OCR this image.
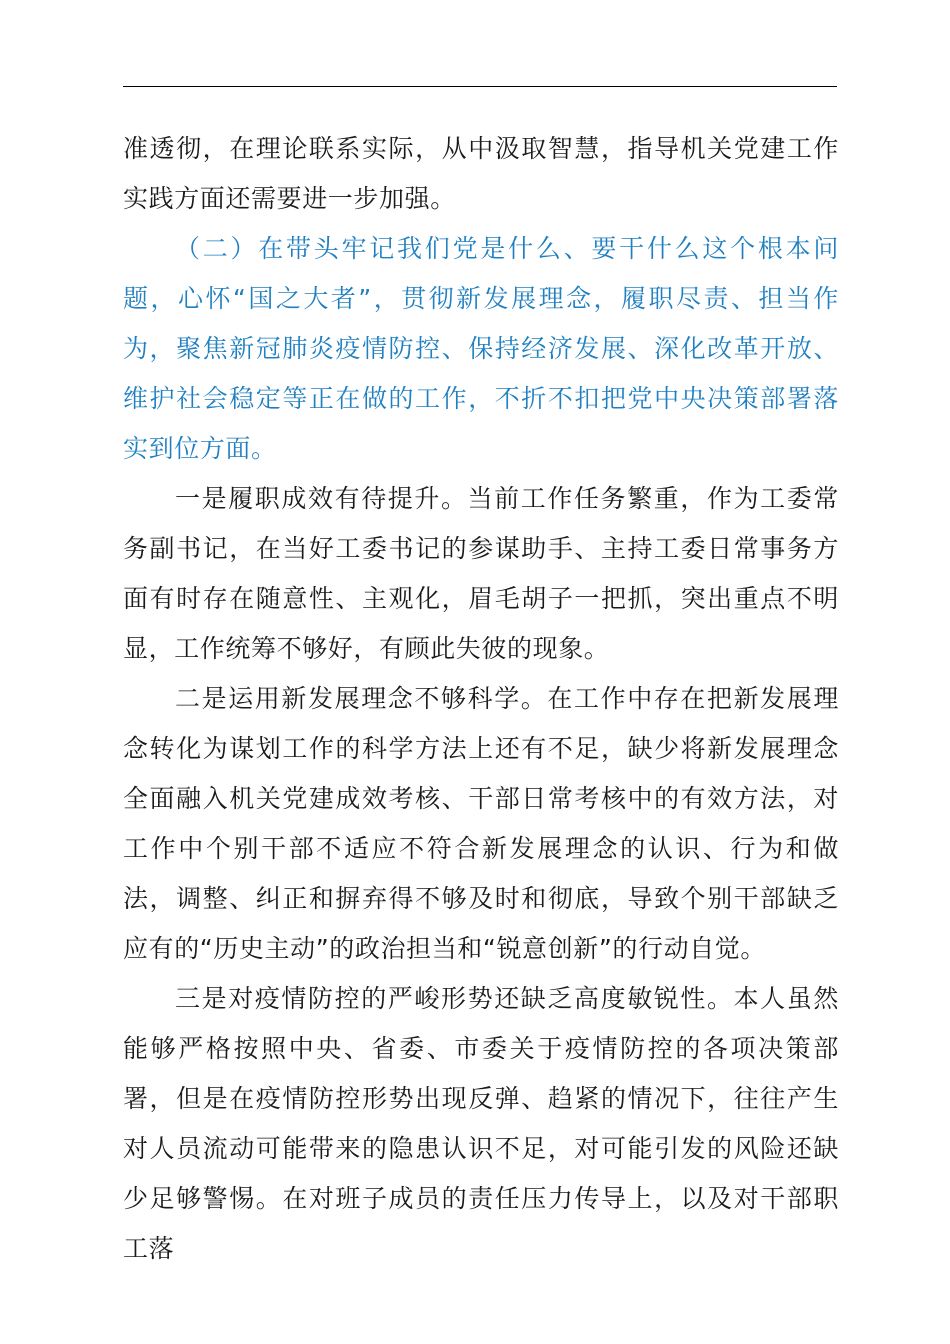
准透彻，在理论联系实际，从中汲取智慧，指导机关党建工作实践方面还需要进一步加强。

（二）在带头牢记我们党是什么、要干什么这个根本问题，心怀“国之大者”，贯彻新发展理念，履职尽责、担当作为，聚焦新冠肺炎疫情防控、保持经济发展、深化改革开放、维护社会稳定等正在做的工作，不折不扣把党中央决策部署落实到位方面。

一是履职成效有待提升。当前工作任务繁重，作为工委常务副书记，在当好工委书记的参谋助手、主持工委日常事务方面有时存在随意性、主观化，眉毛胡子一把抓，突出重点不明显，工作统筹不够好，有顾此失彼的现象。

二是运用新发展理念不够科学。在工作中存在把新发展理念转化为谋划工作的科学方法上还有不足，缺少将新发展理念全面融入机关党建成效考核、干部日常考核中的有效方法，对工作中个别干部不适应不符合新发展理念的认识、行为和做法，调整、纠正和摒弃得不够及时和彻底，导致个别干部缺乏应有的“历史主动”的政治担当和“锐意创新”的行动自觉。

三是对疫情防控的严峻形势还缺乏高度敏锐性。本人虽然能够严格按照中央、省委、市委关于疫情防控的各项决策部署，但是在疫情防控形势出现反弹、趋紧的情况下，往往产生对人员流动可能带来的隐患认识不足，对可能引发的风险还缺少足够警惕。在对班子成员的责任压力传导上，以及对干部职工落
